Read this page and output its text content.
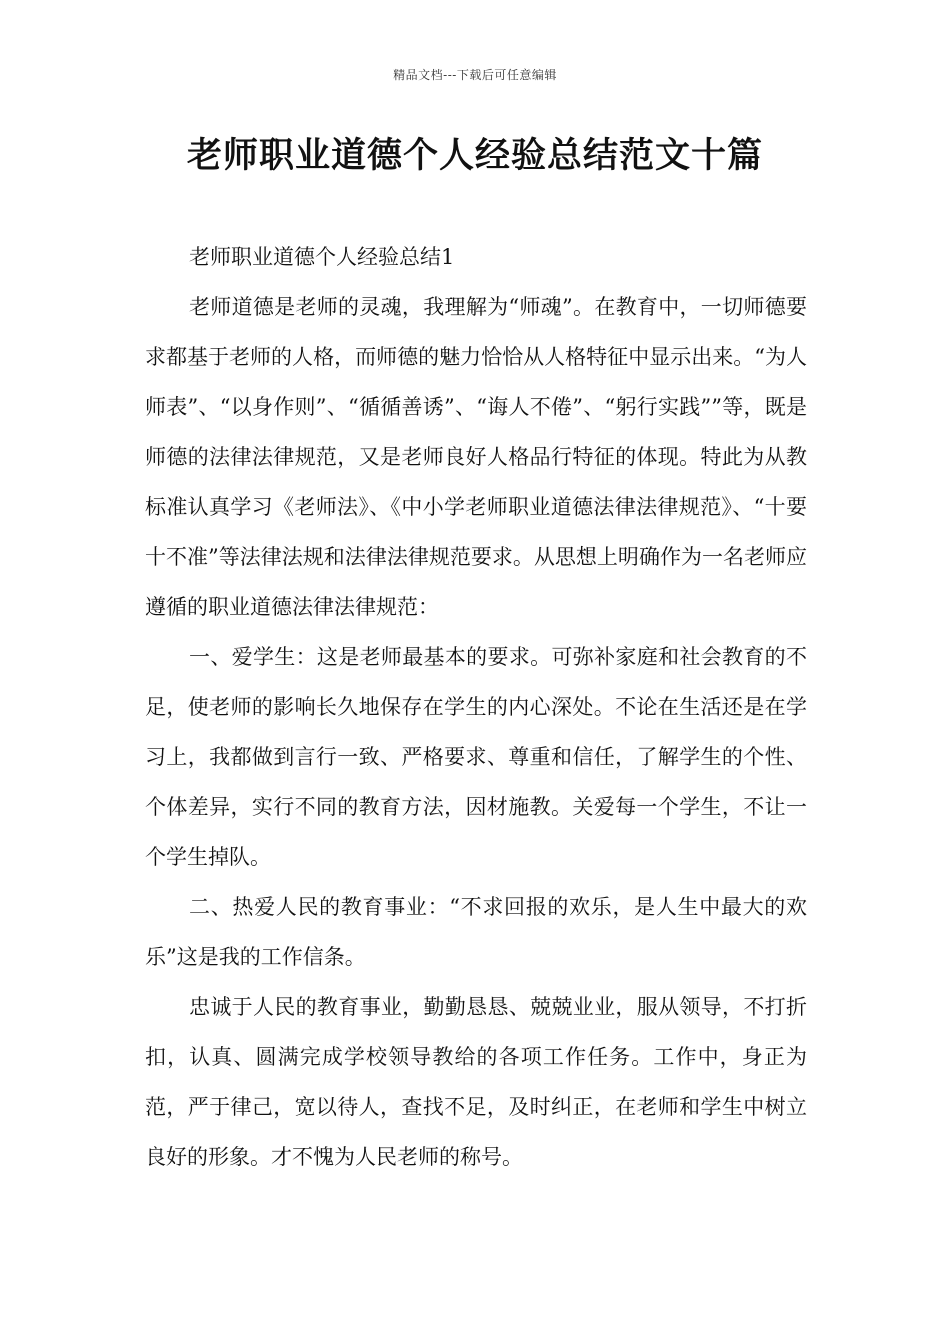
精品文档---下载后可任意编辑
老师职业道德个人经验总结范文十篇

老师职业道德个人经验总结1

老师道德是老师的灵魂，我理解为“师魂”。在教育中，一切师德要求都基于老师的人格，而师德的魅力恰恰从人格特征中显示出来。“为人师表”、“以身作则”、“循循善诱”、“诲人不倦”、“躬行实践””等，既是师德的法律法律规范，又是老师良好人格品行特征的体现。特此为从教标准认真学习《老师法》、《中小学老师职业道德法律法律规范》、“十要十不准”等法律法规和法律法律规范要求。从思想上明确作为一名老师应遵循的职业道德法律法律规范：

一、爱学生：这是老师最基本的要求。可弥补家庭和社会教育的不足，使老师的影响长久地保存在学生的内心深处。不论在生活还是在学习上，我都做到言行一致、严格要求、尊重和信任，了解学生的个性、个体差异，实行不同的教育方法，因材施教。关爱每一个学生，不让一个学生掉队。

二、热爱人民的教育事业：“不求回报的欢乐，是人生中最大的欢乐”这是我的工作信条。

忠诚于人民的教育事业，勤勤恳恳、兢兢业业，服从领导，不打折扣，认真、圆满完成学校领导教给的各项工作任务。工作中，身正为范，严于律己，宽以待人，查找不足，及时纠正，在老师和学生中树立良好的形象。才不愧为人民老师的称号。
